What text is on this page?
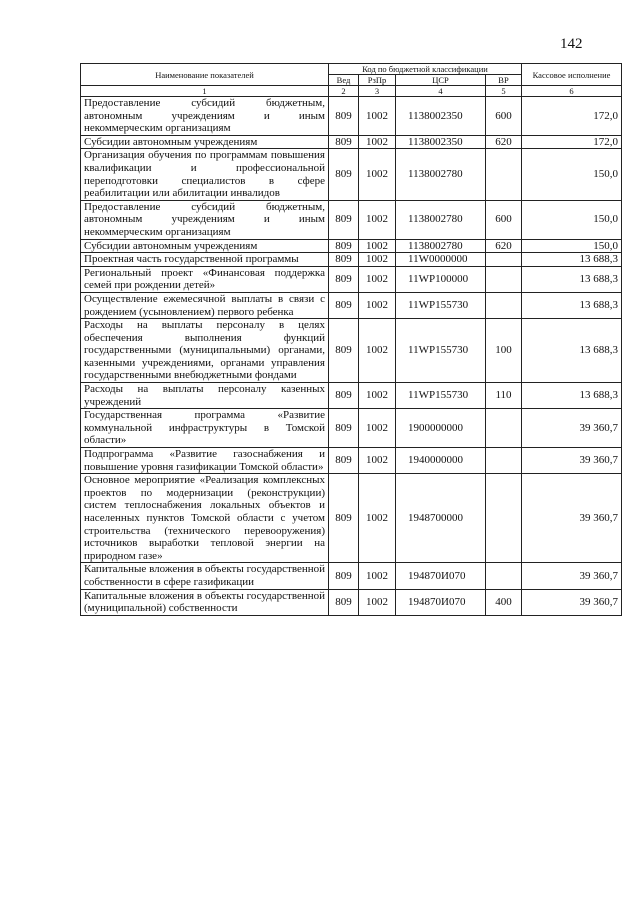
142
Наименование показателей	Код по бюджетной классификации				Кассовое исполнение
	Вед	РзПр	ЦСР	ВР	
1	2	3	4	5	6
Предоставление субсидий бюджетным, автономным учреждениям и иным некоммерческим организациям	809	1002	1138002350	600	172,0
Субсидии автономным учреждениям	809	1002	1138002350	620	172,0
Организация обучения по программам повышения квалификации и профессиональной переподготовки специалистов в сфере реабилитации или абилитации инвалидов	809	1002	1138002780		150,0
Предоставление субсидий бюджетным, автономным учреждениям и иным некоммерческим организациям	809	1002	1138002780	600	150,0
Субсидии автономным учреждениям	809	1002	1138002780	620	150,0
Проектная часть государственной программы	809	1002	11W0000000		13 688,3
Региональный проект «Финансовая поддержка семей при рождении детей»	809	1002	11WP100000		13 688,3
Осуществление ежемесячной выплаты в связи с рождением (усыновлением) первого ребенка	809	1002	11WP155730		13 688,3
Расходы на выплаты персоналу в целях обеспечения выполнения функций государственными (муниципальными) органами, казенными учреждениями, органами управления государственными внебюджетными фондами	809	1002	11WP155730	100	13 688,3
Расходы на выплаты персоналу казенных учреждений	809	1002	11WP155730	110	13 688,3
Государственная программа «Развитие коммунальной инфраструктуры в Томской области»	809	1002	1900000000		39 360,7
Подпрограмма «Развитие газоснабжения и повышение уровня газификации Томской области»	809	1002	1940000000		39 360,7
Основное мероприятие «Реализация комплексных проектов по модернизации (реконструкции) систем теплоснабжения локальных объектов и населенных пунктов Томской области с учетом строительства (технического перевооружения) источников выработки тепловой энергии на природном газе»	809	1002	1948700000		39 360,7
Капитальные вложения в объекты государственной собственности в сфере газификации	809	1002	194870И070		39 360,7
Капитальные вложения в объекты государственной (муниципальной) собственности	809	1002	194870И070	400	39 360,7
